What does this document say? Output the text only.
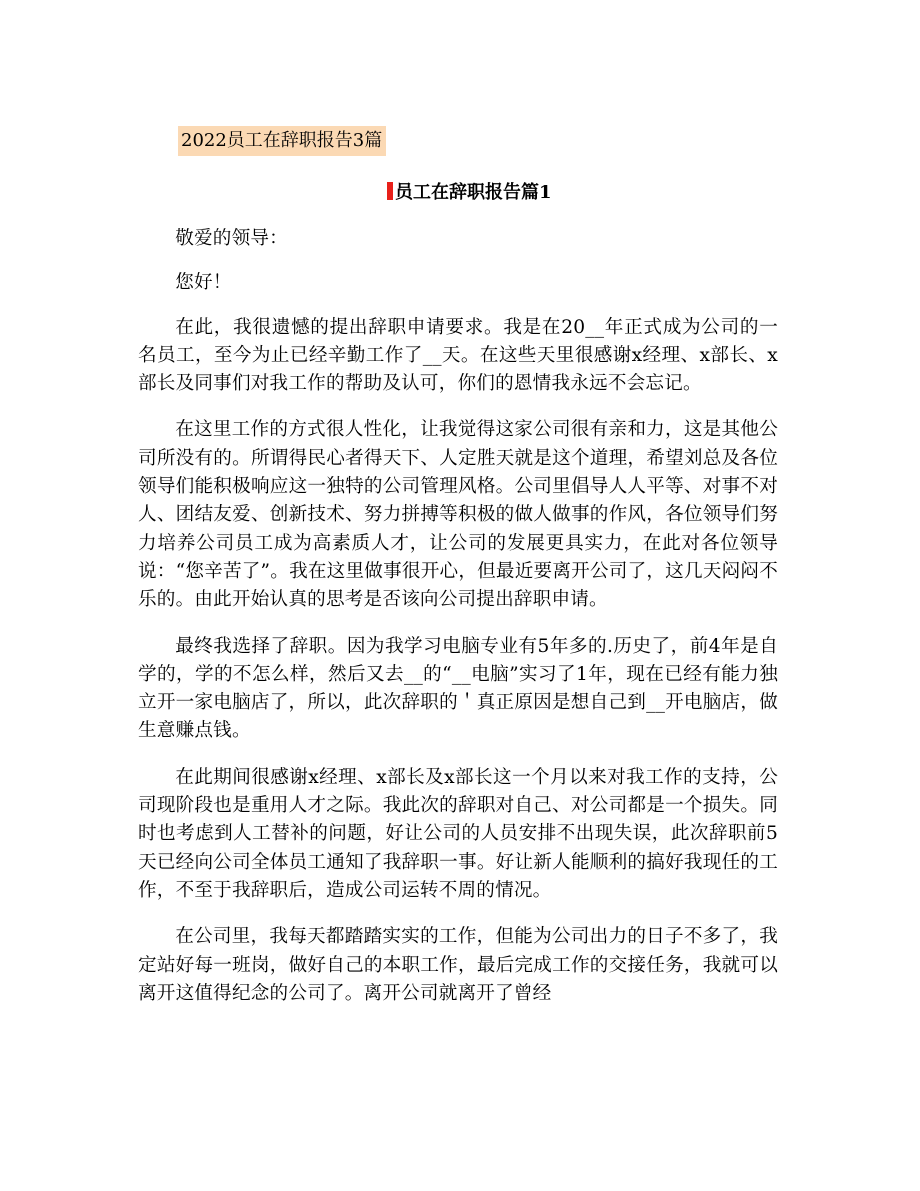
2022员工在辞职报告3篇
员工在辞职报告篇1

敬爱的领导：

您好！

在此，我很遗憾的提出辞职申请要求。我是在20__年正式成为公司的一名员工，至今为止已经辛勤工作了__天。在这些天里很感谢x经理、x部长、x部长及同事们对我工作的帮助及认可，你们的恩情我永远不会忘记。

在这里工作的方式很人性化，让我觉得这家公司很有亲和力，这是其他公司所没有的。所谓得民心者得天下、人定胜天就是这个道理，希望刘总及各位领导们能积极响应这一独特的公司管理风格。公司里倡导人人平等、对事不对人、团结友爱、创新技术、努力拼搏等积极的做人做事的作风，各位领导们努力培养公司员工成为高素质人才，让公司的发展更具实力，在此对各位领导说：“您辛苦了”。我在这里做事很开心，但最近要离开公司了，这几天闷闷不乐的。由此开始认真的思考是否该向公司提出辞职申请。

最终我选择了辞职。因为我学习电脑专业有5年多的.历史了，前4年是自学的，学的不怎么样，然后又去__的“__电脑”实习了1年，现在已经有能力独立开一家电脑店了，所以，此次辞职的＇真正原因是想自己到__开电脑店，做生意赚点钱。

在此期间很感谢x经理、x部长及x部长这一个月以来对我工作的支持，公司现阶段也是重用人才之际。我此次的辞职对自己、对公司都是一个损失。同时也考虑到人工替补的问题，好让公司的人员安排不出现失误，此次辞职前5天已经向公司全体员工通知了我辞职一事。好让新人能顺利的搞好我现任的工作，不至于我辞职后，造成公司运转不周的情况。

在公司里，我每天都踏踏实实的工作，但能为公司出力的日子不多了，我定站好每一班岗，做好自己的本职工作，最后完成工作的交接任务，我就可以离开这值得纪念的公司了。离开公司就离开了曾经
